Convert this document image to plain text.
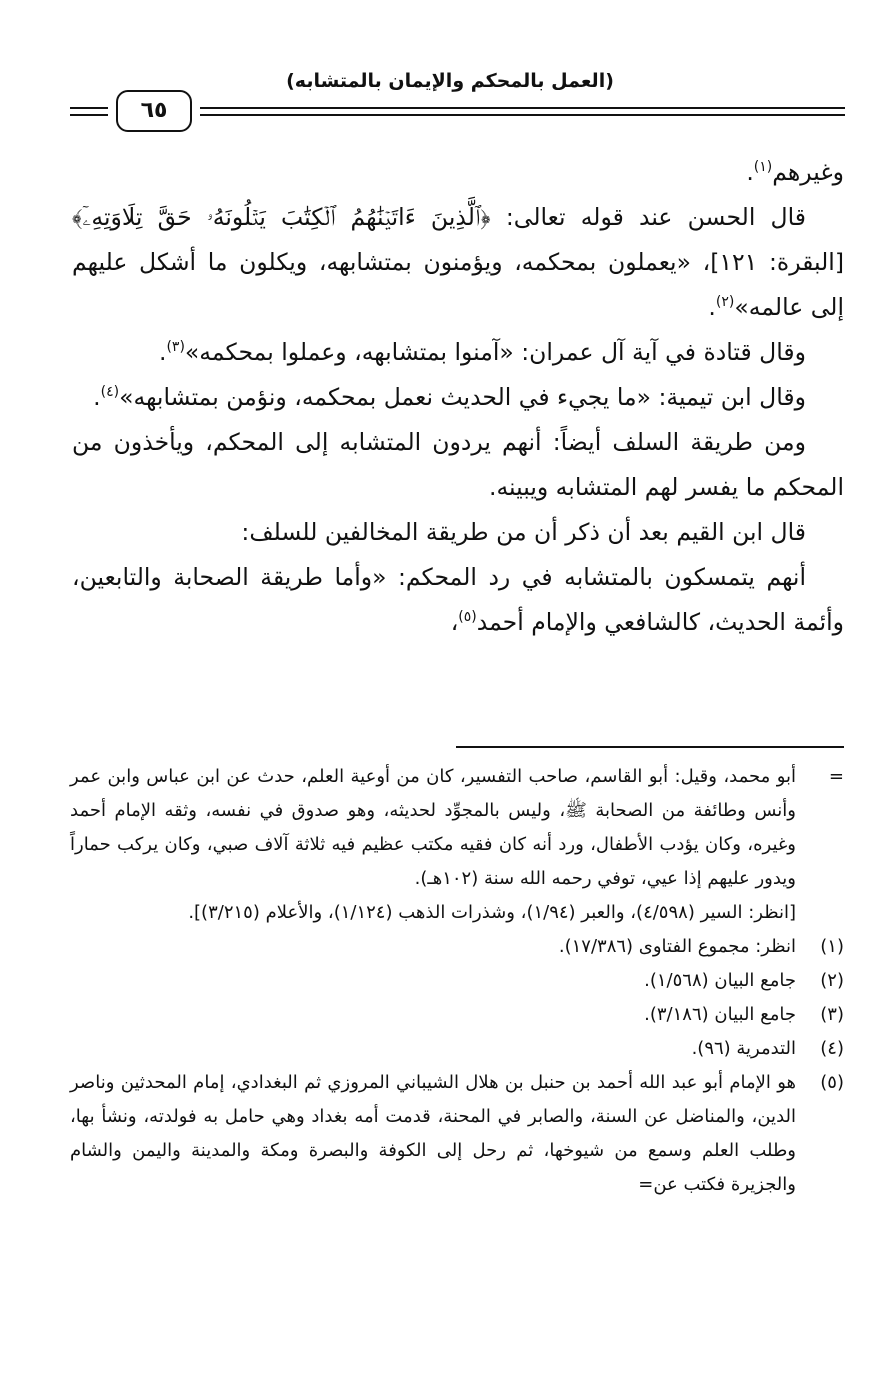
(العمل بالمحكم والإيمان بالمتشابه)
٦٥

وغيرهم$^{(١)}$.

قال الحسن عند قوله تعالى: ﴿ٱلَّذِينَ ءَاتَيۡنَٰهُمُ ٱلۡكِتَٰبَ يَتۡلُونَهُۥ حَقَّ تِلَاوَتِهِۦٓ﴾ [البقرة: ١٢١]، «يعملون بمحكمه، ويؤمنون بمتشابهه، ويكلون ما أشكل عليهم إلى عالمه»$^{(٢)}$.

وقال قتادة في آية آل عمران: «آمنوا بمتشابهه، وعملوا بمحكمه»$^{(٣)}$.

وقال ابن تيمية: «ما يجيء في الحديث نعمل بمحكمه، ونؤمن بمتشابهه»$^{(٤)}$.

ومن طريقة السلف أيضاً: أنهم يردون المتشابه إلى المحكم، ويأخذون من المحكم ما يفسر لهم المتشابه ويبينه.

قال ابن القيم بعد أن ذكر أن من طريقة المخالفين للسلف:

أنهم يتمسكون بالمتشابه في رد المحكم: «وأما طريقة الصحابة والتابعين، وأئمة الحديث، كالشافعي والإمام أحمد$^{(٥)}$،

=

أبو محمد، وقيل: أبو القاسم، صاحب التفسير، كان من أوعية العلم، حدث عن ابن عباس وابن عمر وأنس وطائفة من الصحابة ﷺ، وليس بالمجوِّد لحديثه، وهو صدوق في نفسه، وثقه الإمام أحمد وغيره، وكان يؤدب الأطفال، ورد أنه كان فقيه مكتب عظيم فيه ثلاثة آلاف صبي، وكان يركب حماراً ويدور عليهم إذا عيي، توفي رحمه الله سنة (١٠٢هـ).

[انظر: السير (٤/٥٩٨)، والعبر (١/٩٤)، وشذرات الذهب (١/١٢٤)، والأعلام (٣/٢١٥)].

(١)
انظر: مجموع الفتاوى (١٧/٣٨٦).
(٢)
جامع البيان (١/٥٦٨).
(٣)
جامع البيان (٣/١٨٦).
(٤)
التدمرية (٩٦).
(٥)
هو الإمام أبو عبد الله أحمد بن حنبل بن هلال الشيباني المروزي ثم البغدادي، إمام المحدثين وناصر الدين، والمناضل عن السنة، والصابر في المحنة، قدمت أمه بغداد وهي حامل به فولدته، ونشأ بها، وطلب العلم وسمع من شيوخها، ثم رحل إلى الكوفة والبصرة ومكة والمدينة واليمن والشام والجزيرة فكتب عن=
